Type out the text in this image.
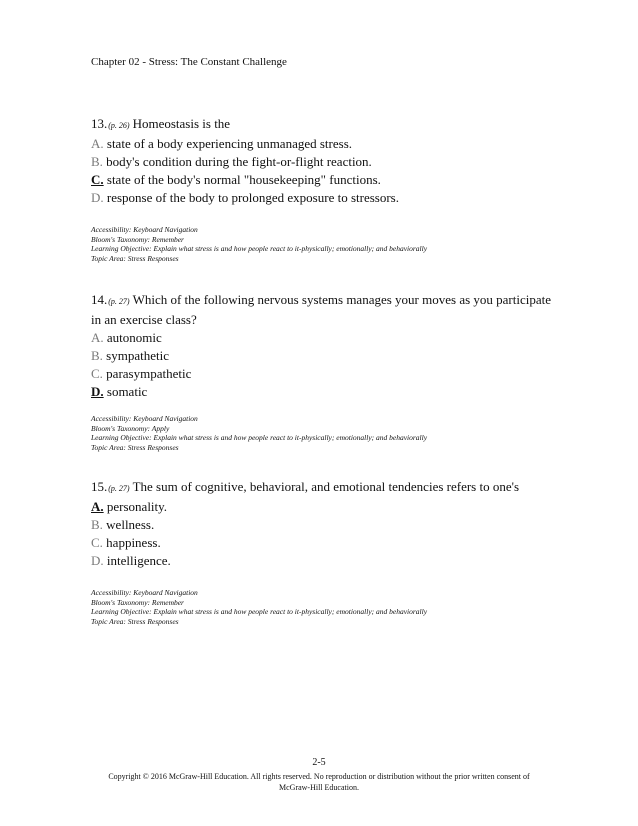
Chapter 02 - Stress: The Constant Challenge
13.(p. 26) Homeostasis is the
A. state of a body experiencing unmanaged stress.
B. body's condition during the fight-or-flight reaction.
C. state of the body's normal "housekeeping" functions.
D. response of the body to prolonged exposure to stressors.
Accessibility: Keyboard Navigation
Bloom's Taxonomy: Remember
Learning Objective: Explain what stress is and how people react to it-physically; emotionally; and behaviorally
Topic Area: Stress Responses
14.(p. 27) Which of the following nervous systems manages your moves as you participate in an exercise class?
A. autonomic
B. sympathetic
C. parasympathetic
D. somatic
Accessibility: Keyboard Navigation
Bloom's Taxonomy: Apply
Learning Objective: Explain what stress is and how people react to it-physically; emotionally; and behaviorally
Topic Area: Stress Responses
15.(p. 27) The sum of cognitive, behavioral, and emotional tendencies refers to one's
A. personality.
B. wellness.
C. happiness.
D. intelligence.
Accessibility: Keyboard Navigation
Bloom's Taxonomy: Remember
Learning Objective: Explain what stress is and how people react to it-physically; emotionally; and behaviorally
Topic Area: Stress Responses
2-5
Copyright © 2016 McGraw-Hill Education. All rights reserved. No reproduction or distribution without the prior written consent of McGraw-Hill Education.
